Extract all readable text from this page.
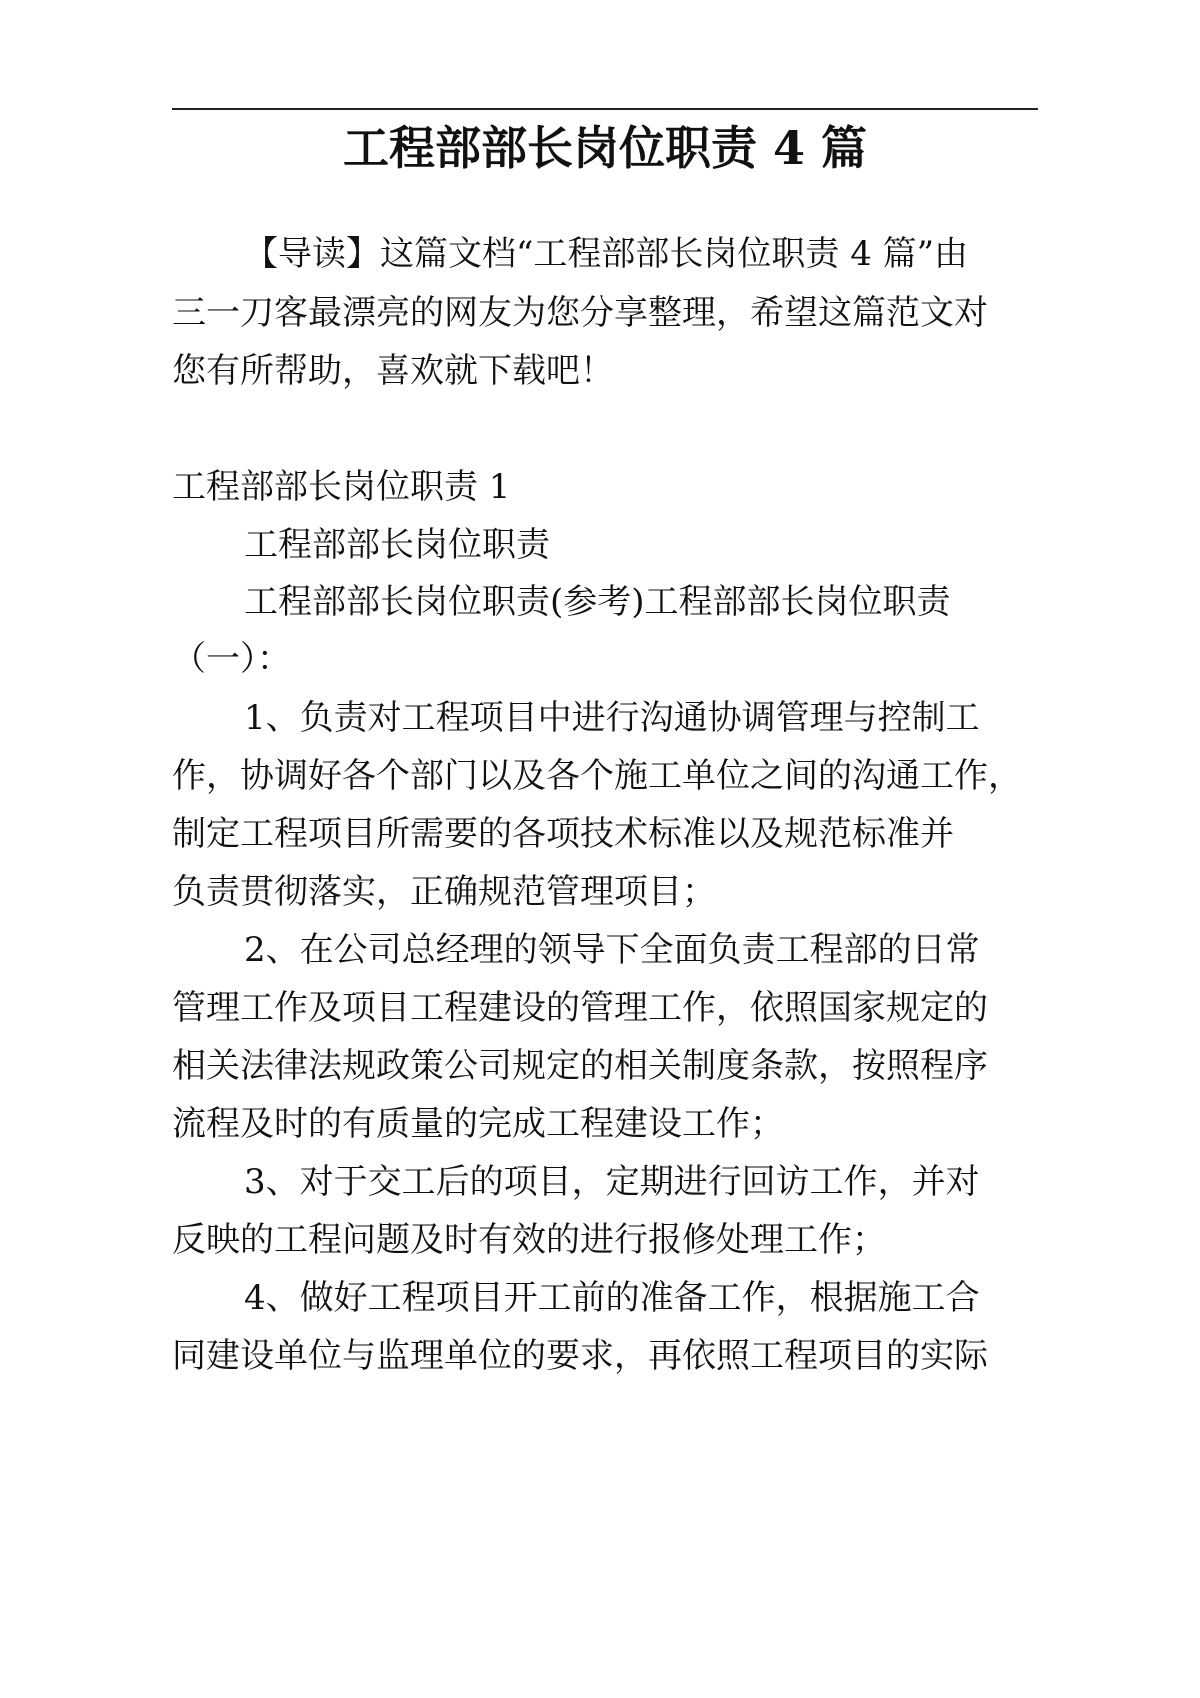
工程部部长岗位职责 4 篇
【导读】这篇文档“工程部部长岗位职责 4 篇”由
三一刀客最漂亮的网友为您分享整理，希望这篇范文对
您有所帮助，喜欢就下载吧！
工程部部长岗位职责 1
工程部部长岗位职责
工程部部长岗位职责(参考)工程部部长岗位职责
（一）：
1、负责对工程项目中进行沟通协调管理与控制工
作，协调好各个部门以及各个施工单位之间的沟通工作，
制定工程项目所需要的各项技术标准以及规范标准并
负责贯彻落实，正确规范管理项目；
2、在公司总经理的领导下全面负责工程部的日常
管理工作及项目工程建设的管理工作，依照国家规定的
相关法律法规政策公司规定的相关制度条款，按照程序
流程及时的有质量的完成工程建设工作；
3、对于交工后的项目，定期进行回访工作，并对
反映的工程问题及时有效的进行报修处理工作；
4、做好工程项目开工前的准备工作，根据施工合
同建设单位与监理单位的要求，再依照工程项目的实际
